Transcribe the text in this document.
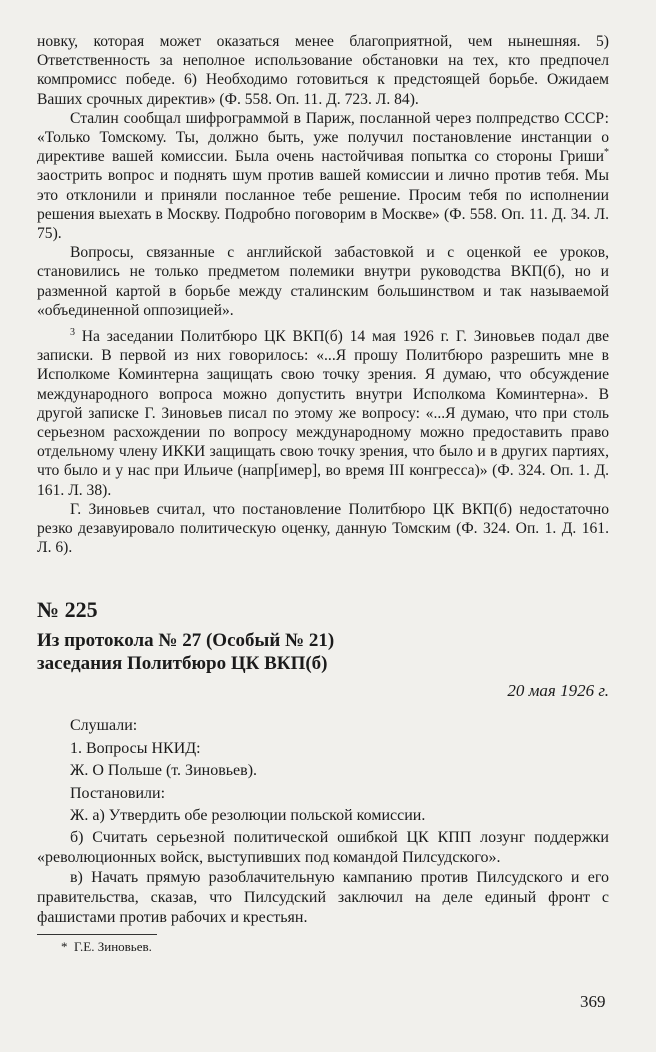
новку, которая может оказаться менее благоприятной, чем нынешняя. 5) Ответственность за неполное использование обстановки на тех, кто предпочел компромисс победе. 6) Необходимо готовиться к предстоящей борьбе. Ожидаем Ваших срочных директив» (Ф. 558. Оп. 11. Д. 723. Л. 84).

Сталин сообщал шифрограммой в Париж, посланной через полпредство СССР: «Только Томскому. Ты, должно быть, уже получил постановление инстанции о директиве вашей комиссии. Была очень настойчивая попытка со стороны Гриши* заострить вопрос и поднять шум против вашей комиссии и лично против тебя. Мы это отклонили и приняли посланное тебе решение. Просим тебя по исполнении решения выехать в Москву. Подробно поговорим в Москве» (Ф. 558. Оп. 11. Д. 34. Л. 75).

Вопросы, связанные с английской забастовкой и с оценкой ее уроков, становились не только предметом полемики внутри руководства ВКП(б), но и разменной картой в борьбе между сталинским большинством и так называемой «объединенной оппозицией».

$^3$ На заседании Политбюро ЦК ВКП(б) 14 мая 1926 г. Г. Зиновьев подал две записки. В первой из них говорилось: «...Я прошу Политбюро разрешить мне в Исполкоме Коминтерна защищать свою точку зрения. Я думаю, что обсуждение международного вопроса можно допустить внутри Исполкома Коминтерна». В другой записке Г. Зиновьев писал по этому же вопросу: «...Я думаю, что при столь серьезном расхождении по вопросу международному можно предоставить право отдельному члену ИККИ защищать свою точку зрения, что было и в других партиях, что было и у нас при Ильиче (напр[имер], во время III конгресса)» (Ф. 324. Оп. 1. Д. 161. Л. 38).

Г. Зиновьев считал, что постановление Политбюро ЦК ВКП(б) недостаточно резко дезавуировало политическую оценку, данную Томским (Ф. 324. Оп. 1. Д. 161. Л. 6).

№ 225

Из протокола № 27 (Особый № 21)

заседания Политбюро ЦК ВКП(б)

20 мая 1926 г.

Слушали:

1. Вопросы НКИД:

Ж. О Польше (т. Зиновьев).

Постановили:

Ж. а) Утвердить обе резолюции польской комиссии.

б) Считать серьезной политической ошибкой ЦК КПП лозунг поддержки «революционных войск, выступивших под командой Пилсудского».

в) Начать прямую разоблачительную кампанию против Пилсудского и его правительства, сказав, что Пилсудский заключил на деле единый фронт с фашистами против рабочих и крестьян.

* Г.Е. Зиновьев.

369
